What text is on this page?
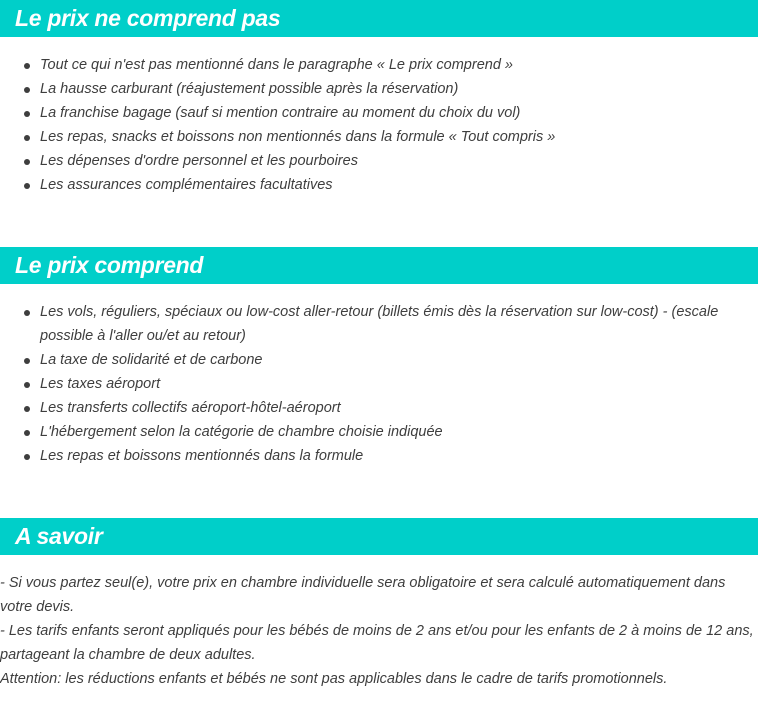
Le prix ne comprend pas
Tout ce qui n'est pas mentionné dans le paragraphe « Le prix comprend »
La hausse carburant (réajustement possible après la réservation)
La franchise bagage (sauf si mention contraire au moment du choix du vol)
Les repas, snacks et boissons non mentionnés dans la formule « Tout compris »
Les dépenses d'ordre personnel et les pourboires
Les assurances complémentaires facultatives
Le prix comprend
Les vols, réguliers, spéciaux ou low-cost aller-retour (billets émis dès la réservation sur low-cost) - (escale possible à l'aller ou/et au retour)
La taxe de solidarité et de carbone
Les taxes aéroport
Les transferts collectifs aéroport-hôtel-aéroport
L'hébergement selon la catégorie de chambre choisie indiquée
Les repas et boissons mentionnés dans la formule
A savoir

- Si vous partez seul(e), votre prix en chambre individuelle sera obligatoire et sera calculé automatiquement dans votre devis.

- Les tarifs enfants seront appliqués pour les bébés de moins de 2 ans et/ou pour les enfants de 2 à moins de 12 ans, partageant la chambre de deux adultes.

Attention: les réductions enfants et bébés ne sont pas applicables dans le cadre de tarifs promotionnels.
